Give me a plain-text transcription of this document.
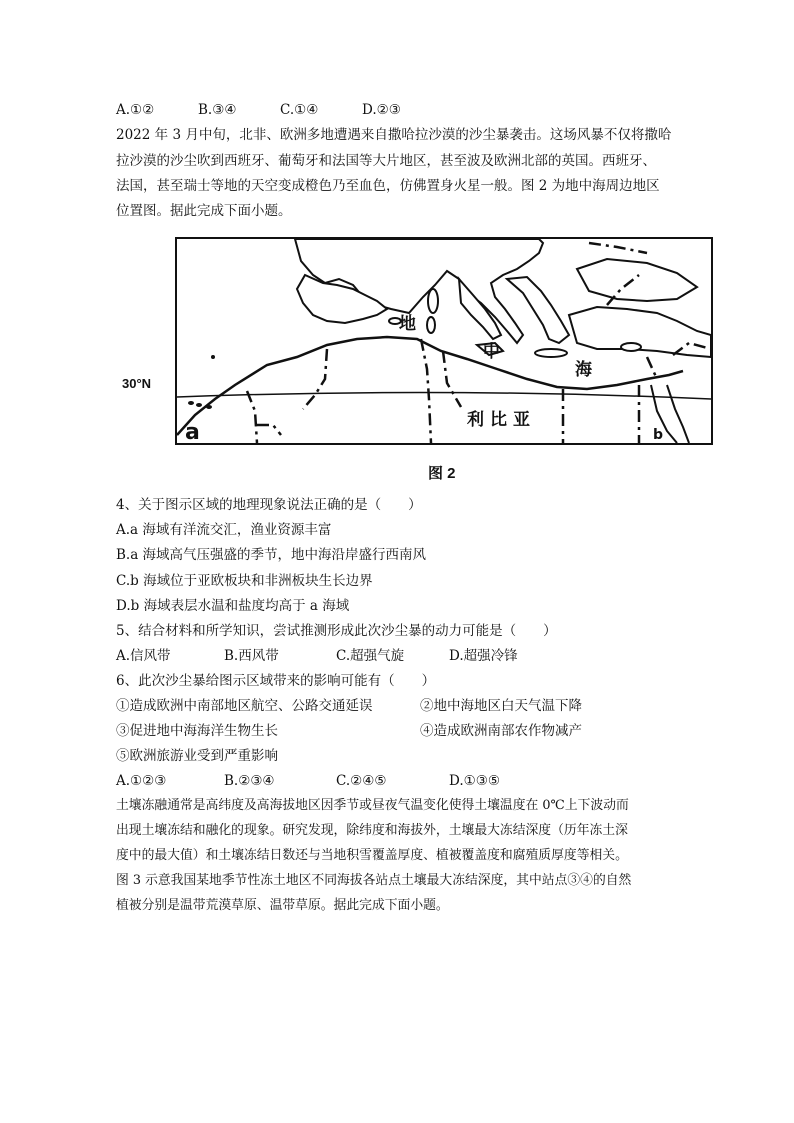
A.①②	B.③④	C.①④	D.②③
2022 年 3 月中旬，北非、欧洲多地遭遇来自撒哈拉沙漠的沙尘暴袭击。这场风暴不仅将撒哈
拉沙漠的沙尘吹到西班牙、葡萄牙和法国等大片地区，甚至波及欧洲北部的英国。西班牙、
法国，甚至瑞士等地的天空变成橙色乃至血色，仿佛置身火星一般。图 2 为地中海周边地区
位置图。据此完成下面小题。
30°N
地
中
海
利比亚
a	b
图 2
4、关于图示区域的地理现象说法正确的是（　　）
A.a 海域有洋流交汇，渔业资源丰富
B.a 海域高气压强盛的季节，地中海沿岸盛行西南风
C.b 海域位于亚欧板块和非洲板块生长边界
D.b 海域表层水温和盐度均高于 a 海域
5、结合材料和所学知识，尝试推测形成此次沙尘暴的动力可能是（　　）
A.信风带	B.西风带	C.超强气旋	D.超强冷锋
6、此次沙尘暴给图示区域带来的影响可能有（　　）
①造成欧洲中南部地区航空、公路交通延误	②地中海地区白天气温下降
③促进地中海海洋生物生长	④造成欧洲南部农作物减产
⑤欧洲旅游业受到严重影响
A.①②③	B.②③④	C.②④⑤	D.①③⑤
土壤冻融通常是高纬度及高海拔地区因季节或昼夜气温变化使得土壤温度在 0℃上下波动而
出现土壤冻结和融化的现象。研究发现，除纬度和海拔外，土壤最大冻结深度（历年冻土深
度中的最大值）和土壤冻结日数还与当地积雪覆盖厚度、植被覆盖度和腐殖质厚度等相关。
图 3 示意我国某地季节性冻土地区不同海拔各站点土壤最大冻结深度，其中站点③④的自然
植被分别是温带荒漠草原、温带草原。据此完成下面小题。
